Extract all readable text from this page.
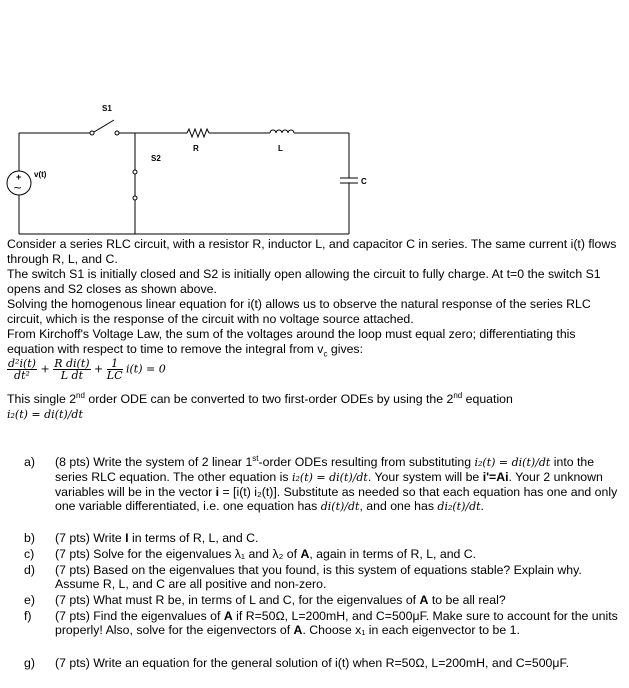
S1
S2
R	L
C
v(t)
+
~

Consider a series RLC circuit, with a resistor R, inductor L, and capacitor C in series. The same current i(t) flows through R, L, and C.

The switch S1 is initially closed and S2 is initially open allowing the circuit to fully charge. At t=0 the switch S1 opens and S2 closes as shown above.

Solving the homogenous linear equation for i(t) allows us to observe the natural response of the series RLC circuit, which is the response of the circuit with no voltage source attached.

From Kirchoff's Voltage Law, the sum of the voltages around the loop must equal zero; differentiating this equation with respect to time to remove the integral from $v_c$ gives:

$\frac{\text{d²i(t)}}{\text{dt²}} + \frac{\text{R di(t)}}{\text{L dt}} + \frac{1}{LC} i(t) = 0$

This single 2nd order ODE can be converted to two first-order ODEs by using the 2nd equation

i₂(t) = di(t)/dt
a)	(8 pts) Write the system of 2 linear 1st-order ODEs resulting from substituting i₂(t) = di(t)/dt into the series RLC equation. The other equation is i₂(t) = di(t)/dt. Your system will be i'=Ai. Your 2 unknown variables will be in the vector i = [i(t) i₂(t)]. Substitute as needed so that each equation has one and only one variable differentiated, i.e. one equation has di(t)/dt, and one has di₂(t)/dt.
b)	(7 pts) Write I in terms of R, L, and C.
c)	(7 pts) Solve for the eigenvalues λ₁ and λ₂ of A, again in terms of R, L, and C.
d)	(7 pts) Based on the eigenvalues that you found, is this system of equations stable? Explain why. Assume R, L, and C are all positive and non-zero.
e)	(7 pts) What must R be, in terms of L and C, for the eigenvalues of A to be all real?
f)	(7 pts) Find the eigenvalues of A if R=50Ω, L=200mH, and C=500μF. Make sure to account for the units properly! Also, solve for the eigenvectors of A. Choose x₁ in each eigenvector to be 1.
g)	(7 pts) Write an equation for the general solution of i(t) when R=50Ω, L=200mH, and C=500μF.
